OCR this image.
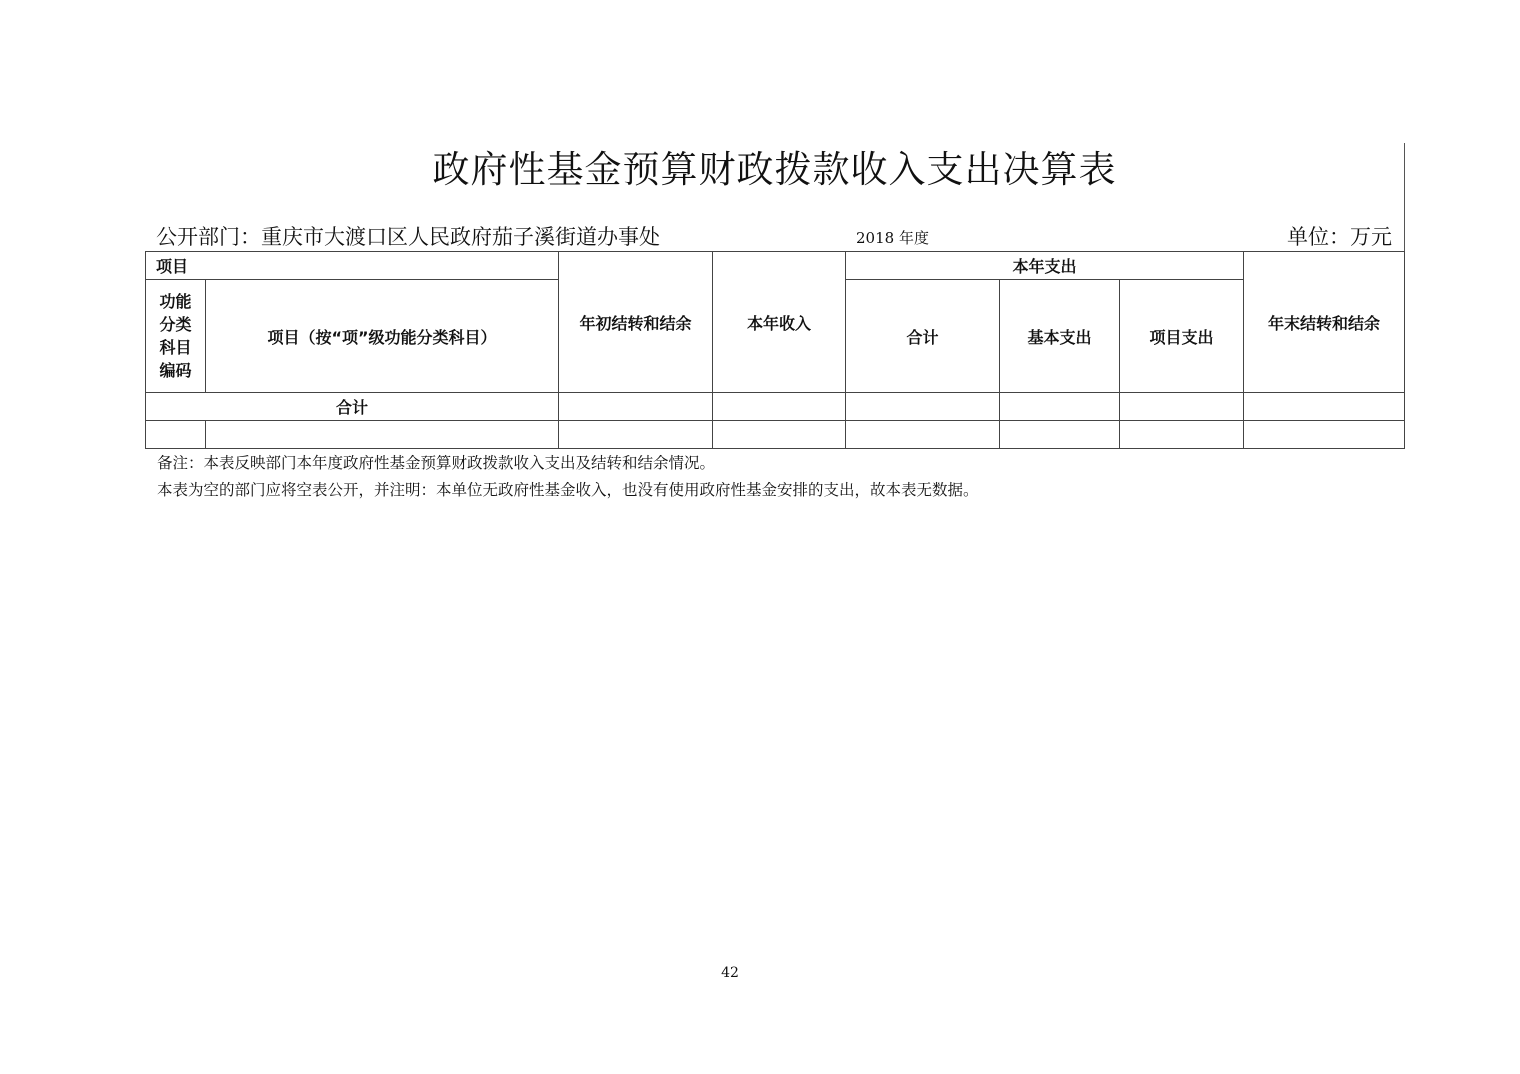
政府性基金预算财政拨款收入支出决算表
公开部门：重庆市大渡口区人民政府茄子溪街道办事处	2018 年度	单位：万元
项目		年初结转和结余	本年收入	本年支出			年末结转和结余

功能
分类
科目
编码	项目（按“项”级功能分类科目）			合计	基本支出	项目支出	
合计							

备注：本表反映部门本年度政府性基金预算财政拨款收入支出及结转和结余情况。
本表为空的部门应将空表公开，并注明：本单位无政府性基金收入，也没有使用政府性基金安排的支出，故本表无数据。
42
